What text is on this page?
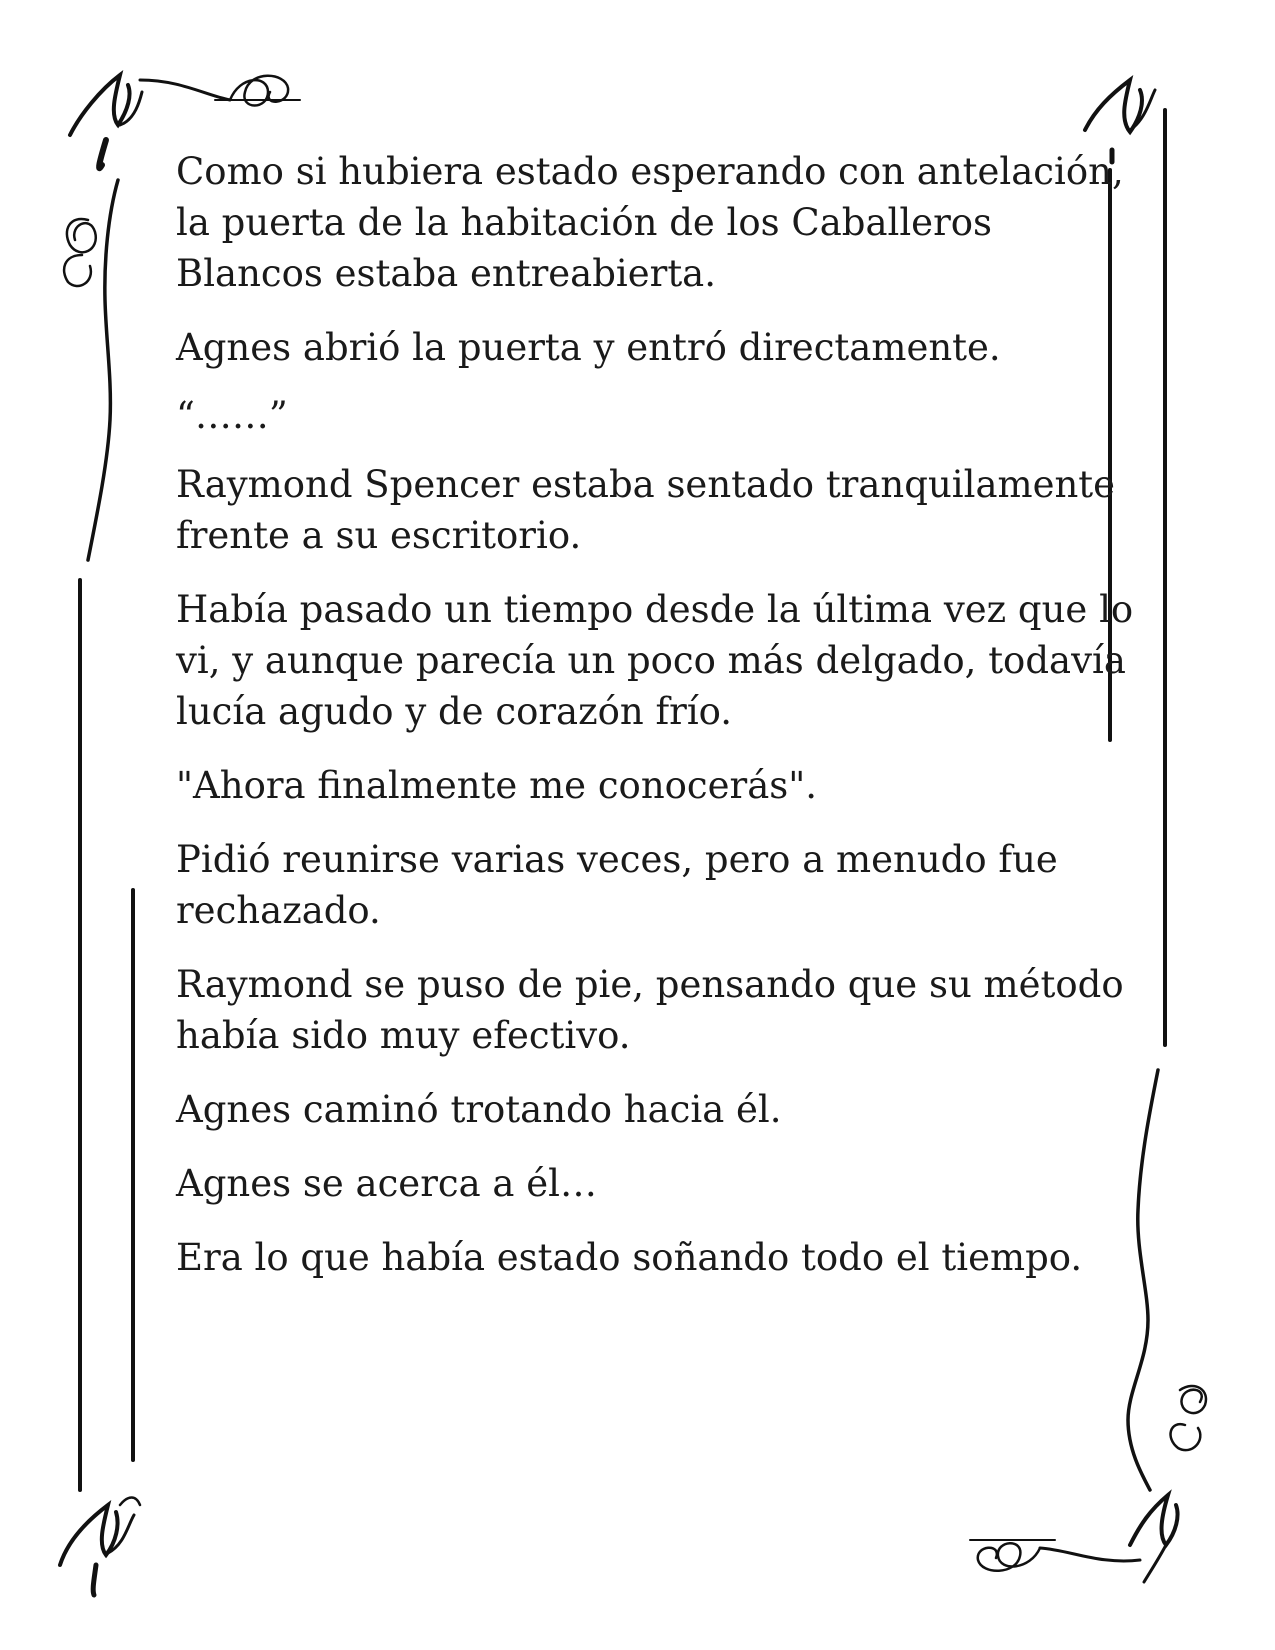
Como si hubiera estado esperando con antelación, la puerta de la habitación de los Caballeros Blancos estaba entreabierta.

Agnes abrió la puerta y entró directamente.

“……”

Raymond Spencer estaba sentado tranquilamente frente a su escritorio.

Había pasado un tiempo desde la última vez que lo vi, y aunque parecía un poco más delgado, todavía lucía agudo y de corazón frío.

"Ahora finalmente me conocerás".

Pidió reunirse varias veces, pero a menudo fue rechazado.

Raymond se puso de pie, pensando que su método había sido muy efectivo.

Agnes caminó trotando hacia él.

Agnes se acerca a él…

Era lo que había estado soñando todo el tiempo.
